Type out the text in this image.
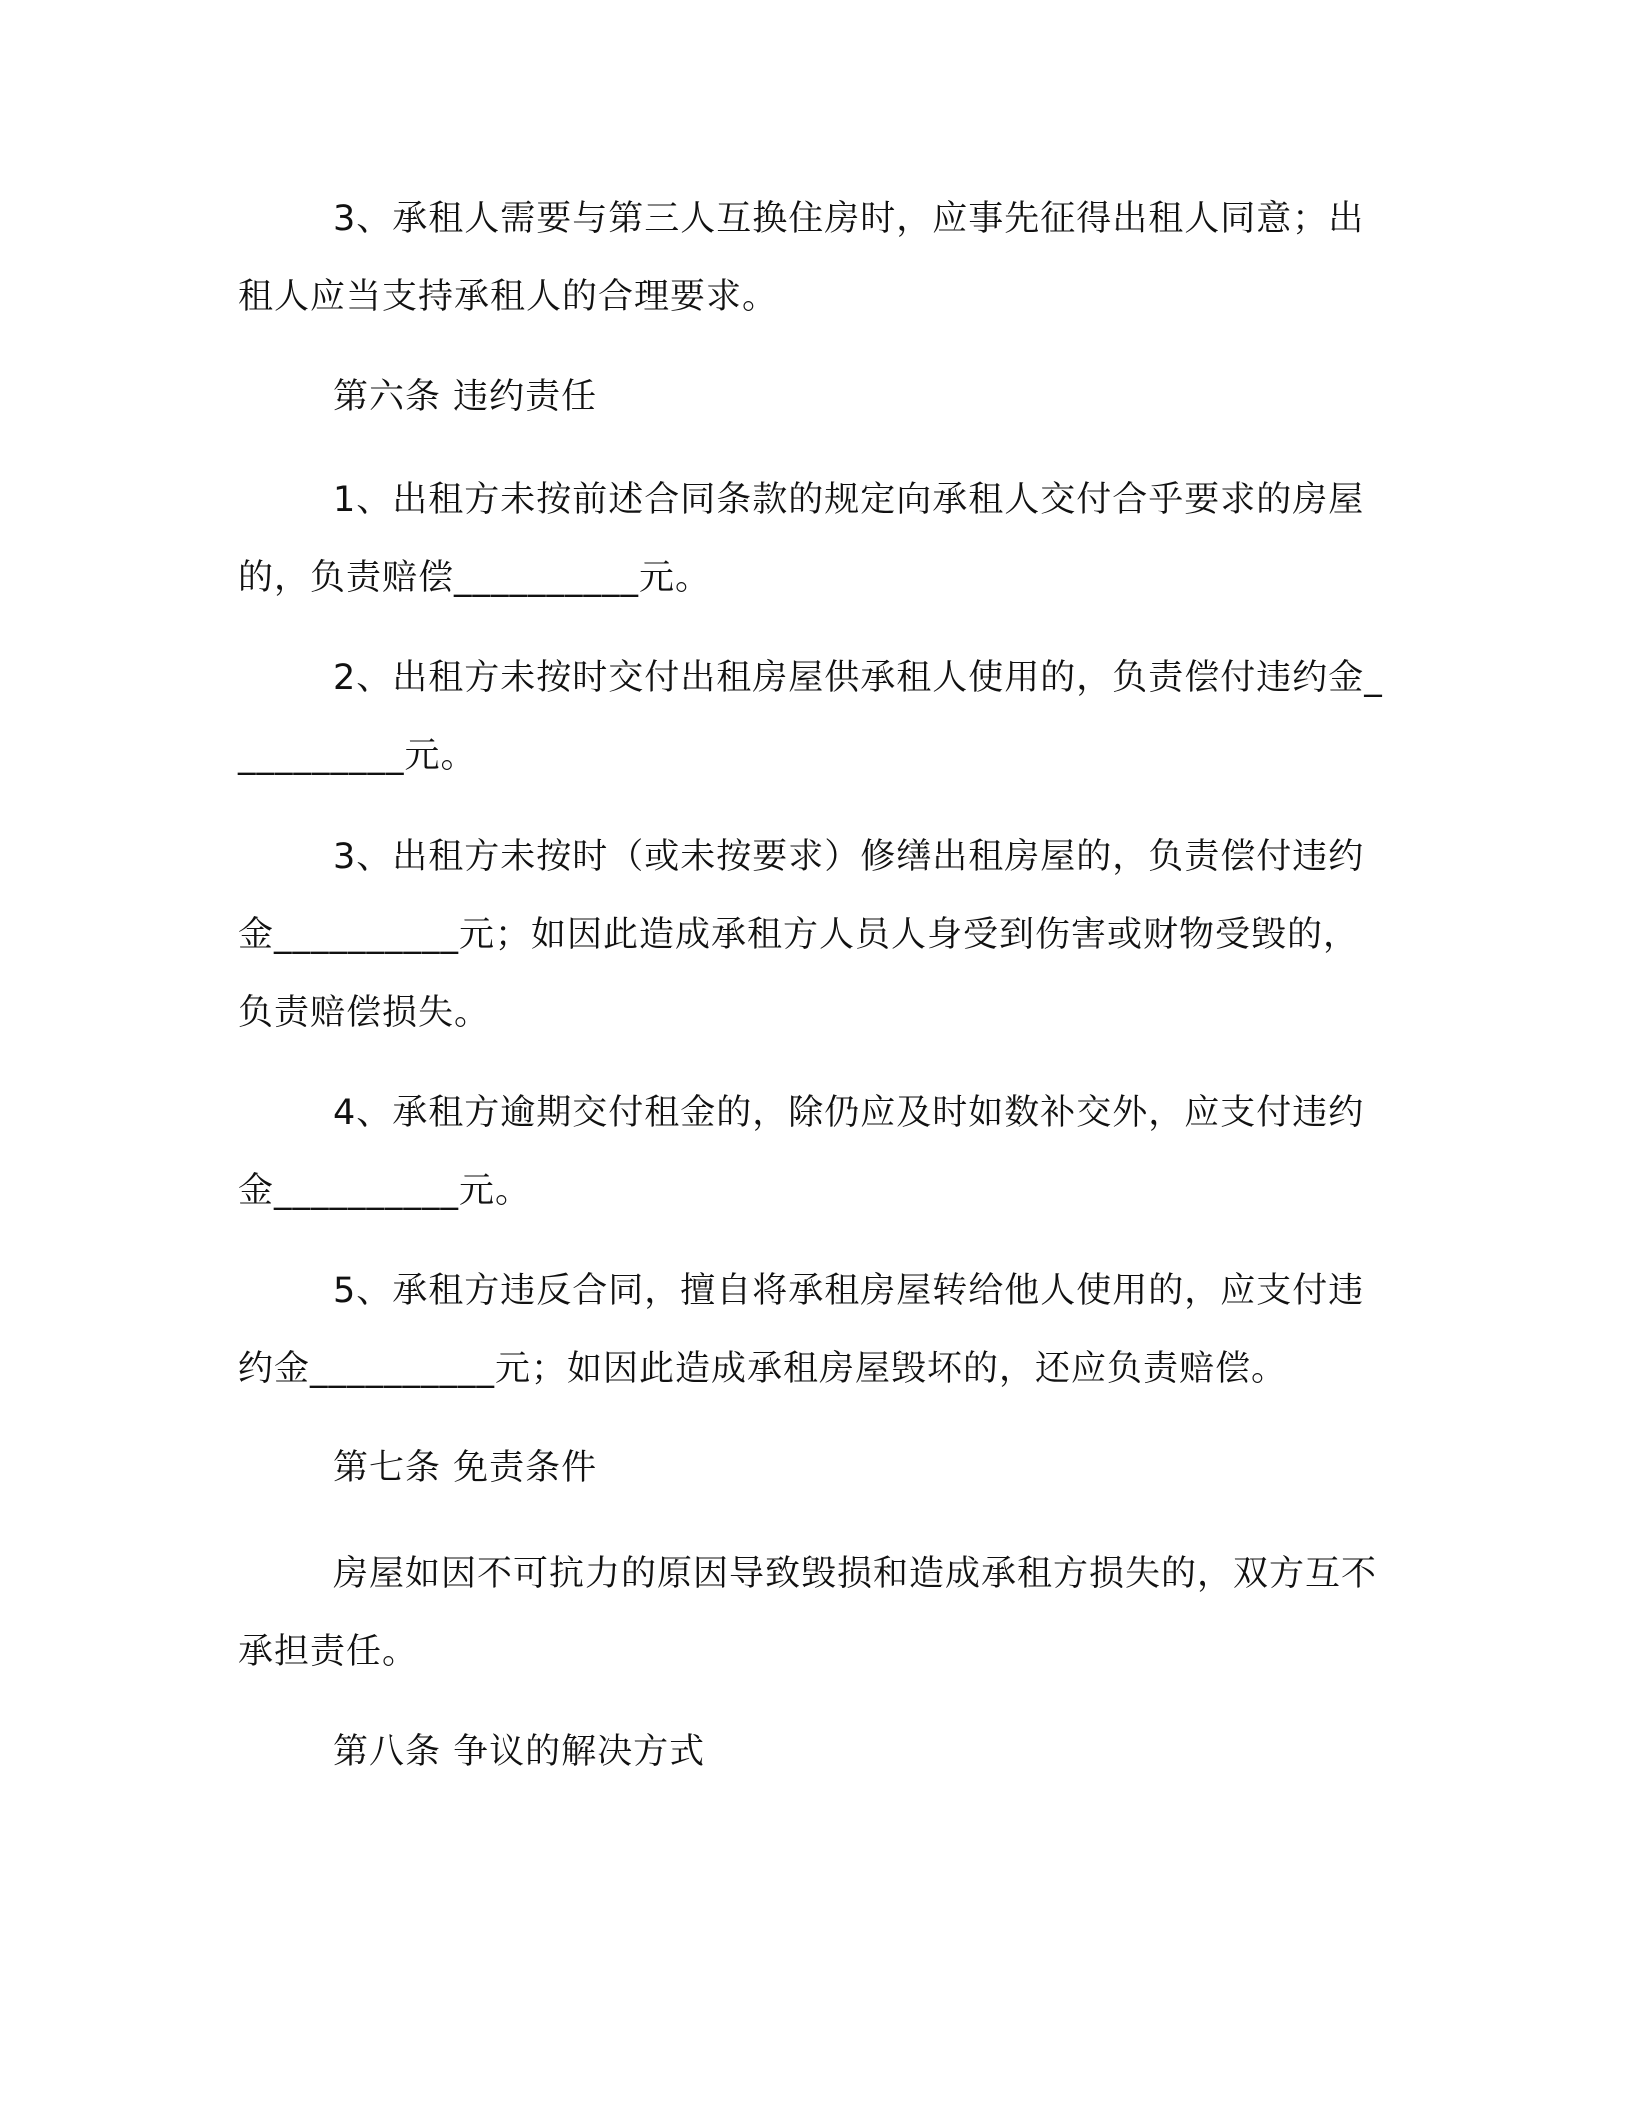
3、承租人需要与第三人互换住房时，应事先征得出租人同意；出租人应当支持承租人的合理要求。

第六条 违约责任

1、出租方未按前述合同条款的规定向承租人交付合乎要求的房屋的，负责赔偿__________元。

2、出租方未按时交付出租房屋供承租人使用的，负责偿付违约金__________元。

3、出租方未按时（或未按要求）修缮出租房屋的，负责偿付违约金__________元；如因此造成承租方人员人身受到伤害或财物受毁的，负责赔偿损失。

4、承租方逾期交付租金的，除仍应及时如数补交外，应支付违约金__________元。

5、承租方违反合同，擅自将承租房屋转给他人使用的，应支付违约金__________元；如因此造成承租房屋毁坏的，还应负责赔偿。

第七条 免责条件

房屋如因不可抗力的原因导致毁损和造成承租方损失的，双方互不承担责任。

第八条 争议的解决方式
